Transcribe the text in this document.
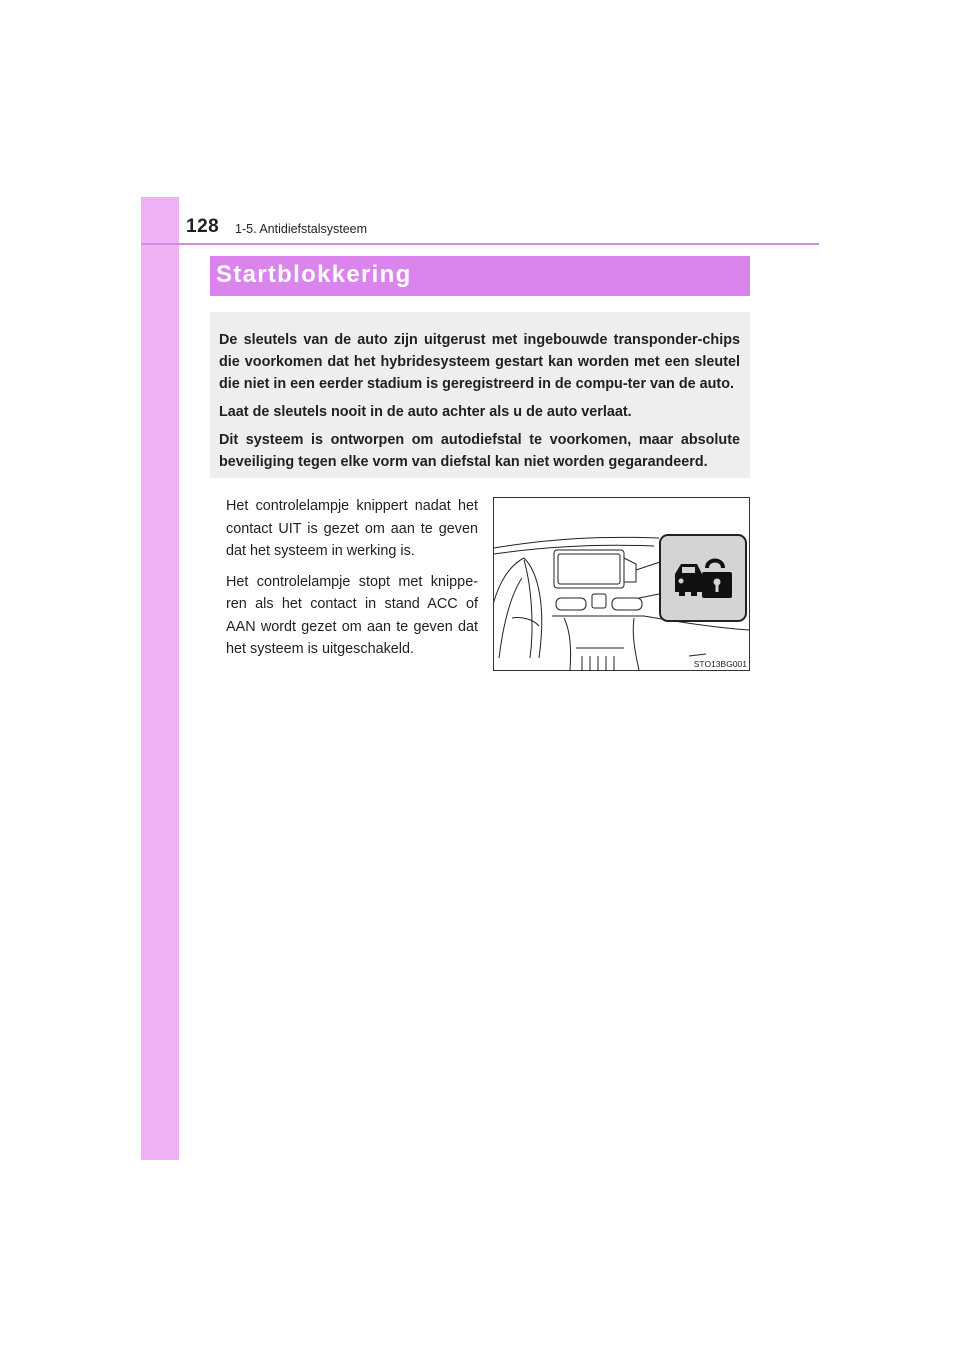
128 1-5. Antidiefstalsysteem
Startblokkering

De sleutels van de auto zijn uitgerust met ingebouwde transponder-chips die voorkomen dat het hybridesysteem gestart kan worden met een sleutel die niet in een eerder stadium is geregistreerd in de compu-ter van de auto.

Laat de sleutels nooit in de auto achter als u de auto verlaat.

Dit systeem is ontworpen om autodiefstal te voorkomen, maar absolute beveiliging tegen elke vorm van diefstal kan niet worden gegarandeerd.

Het controlelampje knippert nadat het contact UIT is gezet om aan te geven dat het systeem in werking is.

Het controlelampje stopt met knippe-ren als het contact in stand ACC of AAN wordt gezet om aan te geven dat het systeem is uitgeschakeld.

STO13BG001
